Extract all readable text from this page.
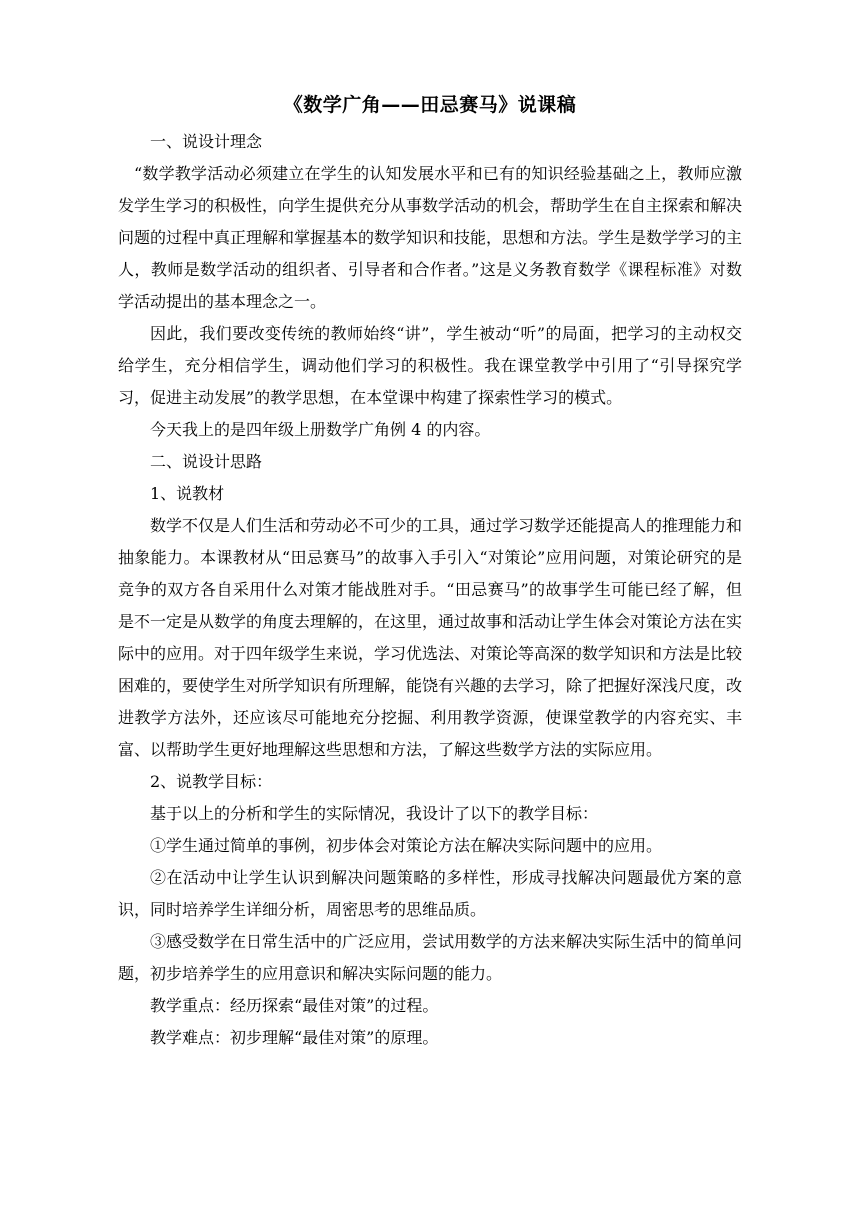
《数学广角——田忌赛马》说课稿

一、说设计理念

“数学教学活动必须建立在学生的认知发展水平和已有的知识经验基础之上，教师应激发学生学习的积极性，向学生提供充分从事数学活动的机会，帮助学生在自主探索和解决问题的过程中真正理解和掌握基本的数学知识和技能，思想和方法。学生是数学学习的主人，教师是数学活动的组织者、引导者和合作者。”这是义务教育数学《课程标准》对数学活动提出的基本理念之一。

因此，我们要改变传统的教师始终“讲”，学生被动“听”的局面，把学习的主动权交给学生，充分相信学生，调动他们学习的积极性。我在课堂教学中引用了“引导探究学习，促进主动发展”的教学思想，在本堂课中构建了探索性学习的模式。

今天我上的是四年级上册数学广角例 4 的内容。

二、说设计思路

1、说教材

数学不仅是人们生活和劳动必不可少的工具，通过学习数学还能提高人的推理能力和抽象能力。本课教材从“田忌赛马”的故事入手引入“对策论”应用问题，对策论研究的是竞争的双方各自采用什么对策才能战胜对手。“田忌赛马”的故事学生可能已经了解，但是不一定是从数学的角度去理解的，在这里，通过故事和活动让学生体会对策论方法在实际中的应用。对于四年级学生来说，学习优选法、对策论等高深的数学知识和方法是比较困难的，要使学生对所学知识有所理解，能饶有兴趣的去学习，除了把握好深浅尺度，改进教学方法外，还应该尽可能地充分挖掘、利用教学资源，使课堂教学的内容充实、丰富、以帮助学生更好地理解这些思想和方法，了解这些数学方法的实际应用。

2、说教学目标：

基于以上的分析和学生的实际情况，我设计了以下的教学目标：

①学生通过简单的事例，初步体会对策论方法在解决实际问题中的应用。

②在活动中让学生认识到解决问题策略的多样性，形成寻找解决问题最优方案的意识，同时培养学生详细分析，周密思考的思维品质。

③感受数学在日常生活中的广泛应用，尝试用数学的方法来解决实际生活中的简单问题，初步培养学生的应用意识和解决实际问题的能力。

教学重点：经历探索“最佳对策”的过程。

教学难点：初步理解“最佳对策”的原理。
